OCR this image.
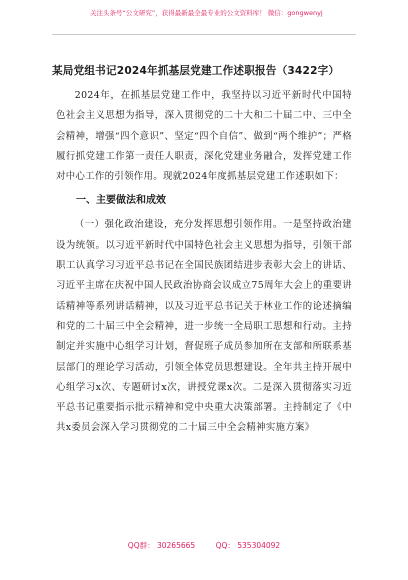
关注头条号“公文研究”，获得最新最全最专业的公文资料库！ 微信：gongwenyj
某局党组书记2024年抓基层党建工作述职报告（3422字）

2024年，在抓基层党建工作中，我坚持以习近平新时代中国特色社会主义思想为指导，深入贯彻党的二十大和二十届二中、三中全会精神，增强“四个意识”、坚定“四个自信”、做到“两个维护”；严格履行抓党建工作第一责任人职责，深化党建业务融合，发挥党建工作对中心工作的引领作用。现就2024年度抓基层党建工作述职如下：

一、主要做法和成效

（一）强化政治建设，充分发挥思想引领作用。一是坚持政治建设为统领。以习近平新时代中国特色社会主义思想为指导，引领干部职工认真学习习近平总书记在全国民族团结进步表彰大会上的讲话、习近平主席在庆祝中国人民政治协商会议成立75周年大会上的重要讲话精神等系列讲话精神，以及习近平总书记关于林业工作的论述摘编和党的二十届三中全会精神，进一步统一全局职工思想和行动。主持制定并实施中心组学习计划，督促班子成员参加所在支部和所联系基层部门的理论学习活动，引领全体党员思想建设。全年共主持开展中心组学习x次、专题研讨x次，讲授党课x次。二是深入贯彻落实习近平总书记重要指示批示精神和党中央重大决策部署。主持制定了《中共x委员会深入学习贯彻党的二十届三中全会精神实施方案》

QQ群： 30265665	QQ： 535304092
